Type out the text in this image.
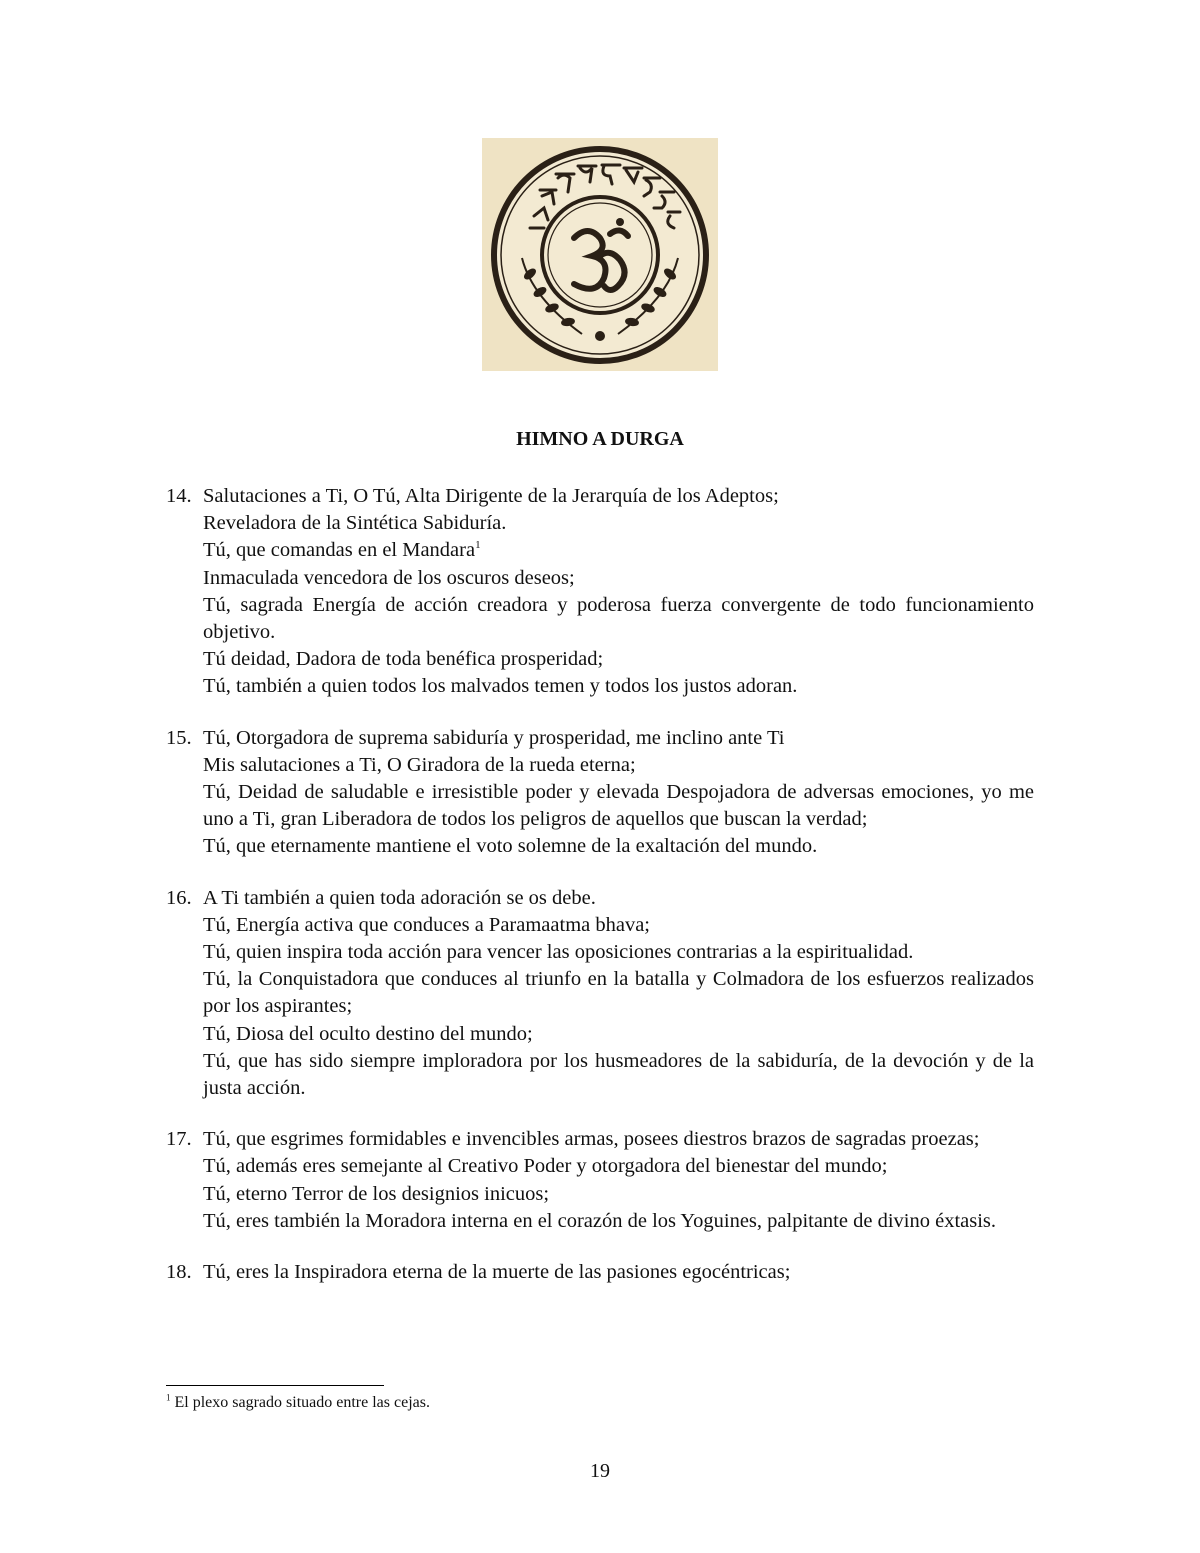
HIMNO A DURGA
14. Salutaciones a Ti, O Tú, Alta Dirigente de la Jerarquía de los Adeptos;
Reveladora de la Sintética Sabiduría.
Tú, que comandas en el Mandara$^1$
Inmaculada vencedora de los oscuros deseos;
Tú, sagrada Energía de acción creadora y poderosa fuerza convergente de todo funcionamiento objetivo.
Tú deidad, Dadora de toda benéfica prosperidad;
Tú, también a quien todos los malvados temen y todos los justos adoran.
15. Tú, Otorgadora de suprema sabiduría y prosperidad, me inclino ante Ti
Mis salutaciones a Ti, O Giradora de la rueda eterna;
Tú, Deidad de saludable e irresistible poder y elevada Despojadora de adversas emociones, yo me uno a Ti, gran Liberadora de todos los peligros de aquellos que buscan la verdad;
Tú, que eternamente mantiene el voto solemne de la exaltación del mundo.
16. A Ti también a quien toda adoración se os debe.
Tú, Energía activa que conduces a Paramaatma bhava;
Tú, quien inspira toda acción para vencer las oposiciones contrarias a la espiritualidad.
Tú, la Conquistadora que conduces al triunfo en la batalla y Colmadora de los esfuerzos realizados por los aspirantes;
Tú, Diosa del oculto destino del mundo;
Tú, que has sido siempre imploradora por los husmeadores de la sabiduría, de la devoción y de la justa acción.
17. Tú, que esgrimes formidables e invencibles armas, posees diestros brazos de sagradas proezas;
Tú, además eres semejante al Creativo Poder y otorgadora del bienestar del mundo;
Tú, eterno Terror de los designios inicuos;
Tú, eres también la Moradora interna en el corazón de los Yoguines, palpitante de divino éxtasis.
18. Tú, eres la Inspiradora eterna de la muerte de las pasiones egocéntricas;
$^1$ El plexo sagrado situado entre las cejas.
19
